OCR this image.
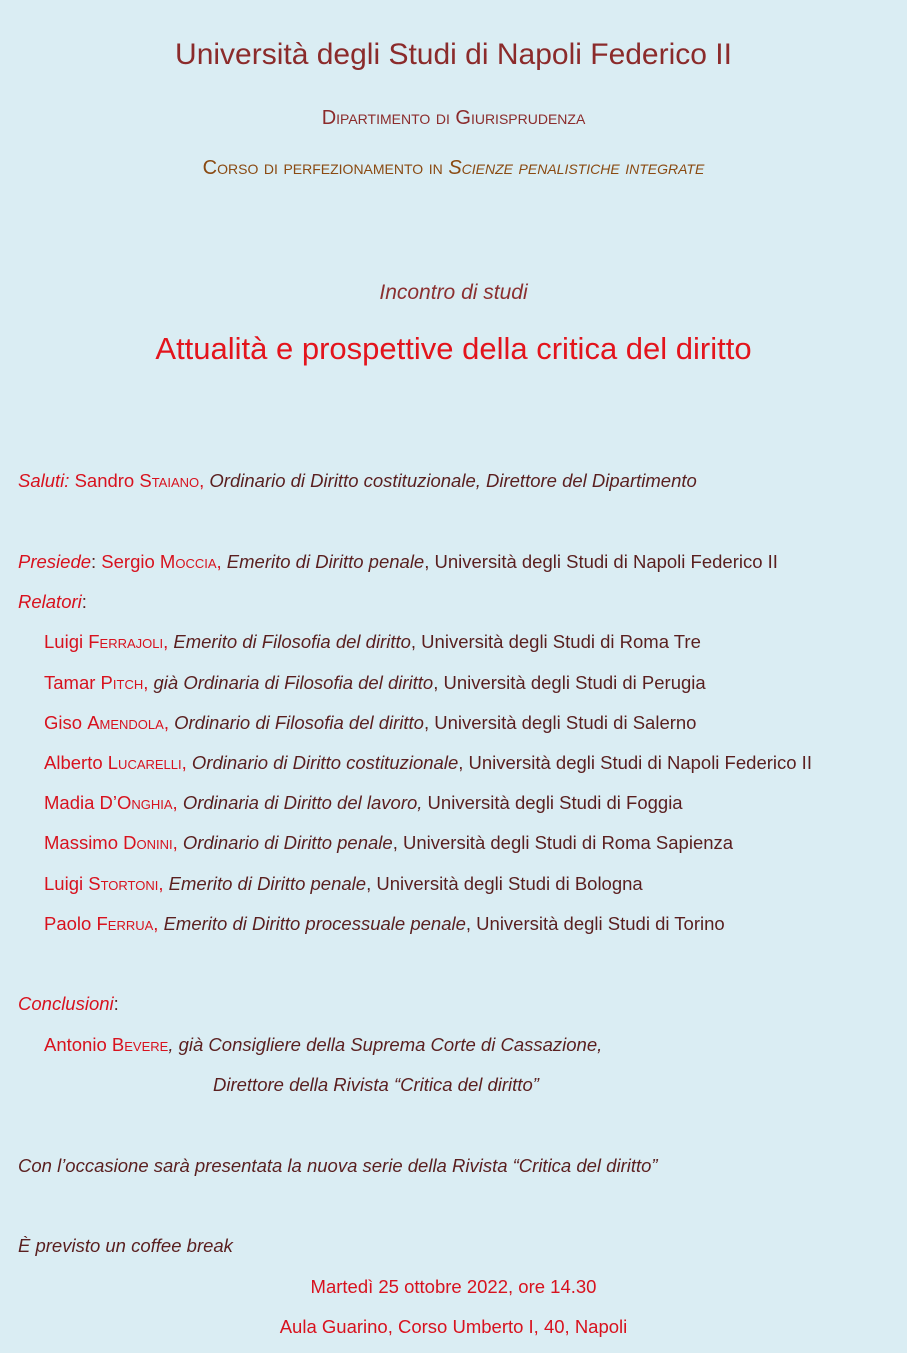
Università degli Studi di Napoli Federico II
Dipartimento di Giurisprudenza
Corso di perfezionamento in Scienze penalistiche integrate
Incontro di studi
Attualità e prospettive della critica del diritto
Saluti: Sandro Staiano, Ordinario di Diritto costituzionale, Direttore del Dipartimento
Presiede: Sergio Moccia, Emerito di Diritto penale, Università degli Studi di Napoli Federico II
Relatori:
Luigi Ferrajoli, Emerito di Filosofia del diritto, Università degli Studi di Roma Tre
Tamar Pitch, già Ordinaria di Filosofia del diritto, Università degli Studi di Perugia
Giso Amendola, Ordinario di Filosofia del diritto, Università degli Studi di Salerno
Alberto Lucarelli, Ordinario di Diritto costituzionale, Università degli Studi di Napoli Federico II
Madia D’Onghia, Ordinaria di Diritto del lavoro, Università degli Studi di Foggia
Massimo Donini, Ordinario di Diritto penale, Università degli Studi di Roma Sapienza
Luigi Stortoni, Emerito di Diritto penale, Università degli Studi di Bologna
Paolo Ferrua, Emerito di Diritto processuale penale, Università degli Studi di Torino
Conclusioni:
Antonio Bevere, già Consigliere della Suprema Corte di Cassazione,
Direttore della Rivista “Critica del diritto”
Con l’occasione sarà presentata la nuova serie della Rivista “Critica del diritto”
È previsto un coffee break
Martedì 25 ottobre 2022, ore 14.30
Aula Guarino, Corso Umberto I, 40, Napoli
